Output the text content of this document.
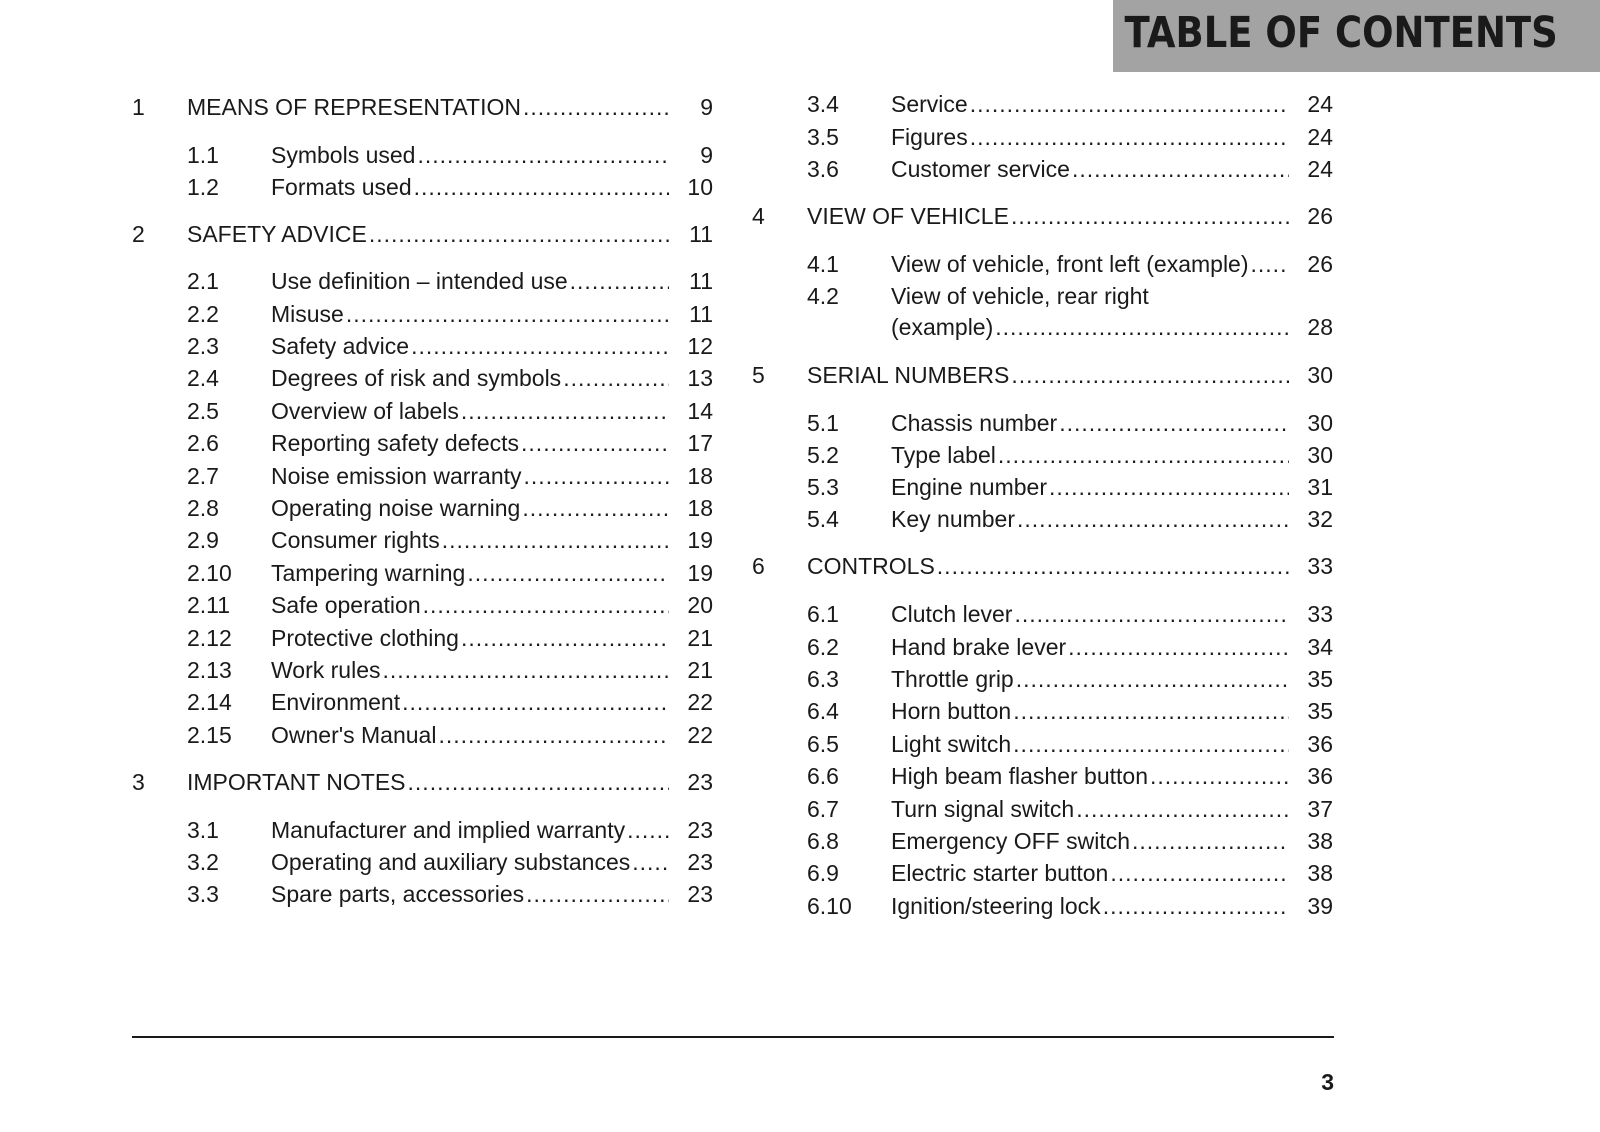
TABLE OF CONTENTS
1	MEANS OF REPRESENTATION .....	9
1.1	Symbols used .....	9
1.2	Formats used .....	10
2	SAFETY ADVICE .....	11
2.1	Use definition – intended use .....	11
2.2	Misuse .....	11
2.3	Safety advice .....	12
2.4	Degrees of risk and symbols .....	13
2.5	Overview of labels .....	14
2.6	Reporting safety defects .....	17
2.7	Noise emission warranty .....	18
2.8	Operating noise warning .....	18
2.9	Consumer rights .....	19
2.10	Tampering warning .....	19
2.11	Safe operation .....	20
2.12	Protective clothing .....	21
2.13	Work rules .....	21
2.14	Environment .....	22
2.15	Owner's Manual .....	22
3	IMPORTANT NOTES .....	23
3.1	Manufacturer and implied warranty .....	23
3.2	Operating and auxiliary substances .....	23
3.3	Spare parts, accessories .....	23
3.4	Service .....	24
3.5	Figures .....	24
3.6	Customer service .....	24
4	VIEW OF VEHICLE .....	26
4.1	View of vehicle, front left (example) .....	26
4.2	View of vehicle, rear right
(example) .....	28
5	SERIAL NUMBERS .....	30
5.1	Chassis number .....	30
5.2	Type label .....	30
5.3	Engine number .....	31
5.4	Key number .....	32
6	CONTROLS .....	33
6.1	Clutch lever .....	33
6.2	Hand brake lever .....	34
6.3	Throttle grip .....	35
6.4	Horn button .....	35
6.5	Light switch .....	36
6.6	High beam flasher button .....	36
6.7	Turn signal switch .....	37
6.8	Emergency OFF switch .....	38
6.9	Electric starter button .....	38
6.10	Ignition/steering lock .....	39
3
